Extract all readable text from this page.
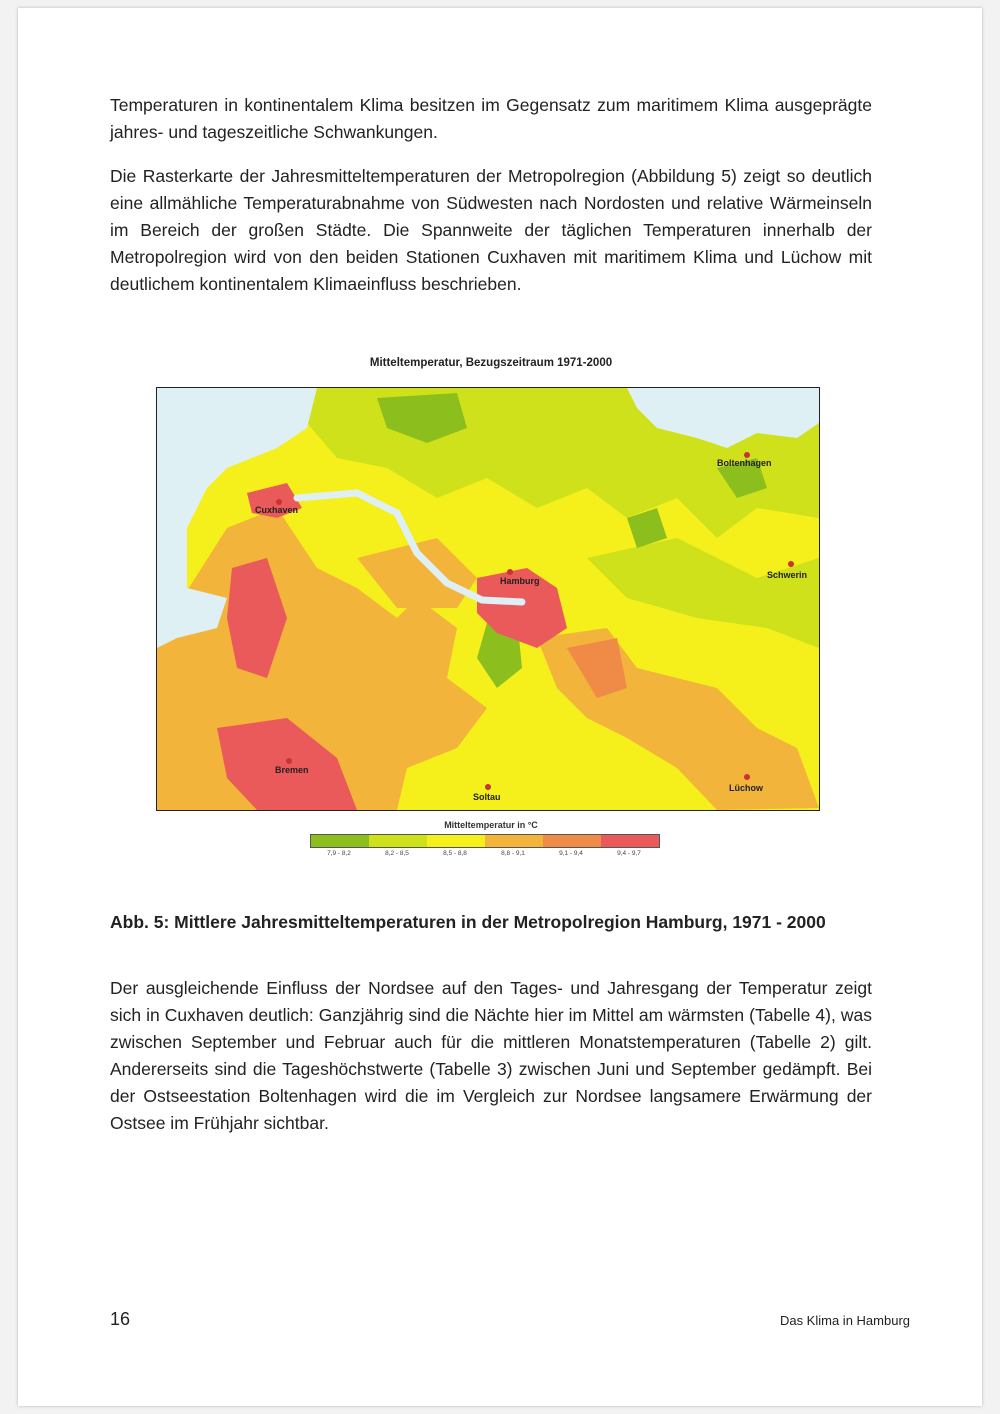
Temperaturen in kontinentalem Klima besitzen im Gegensatz zum maritimem Klima ausgeprägte jahres- und tageszeitliche Schwankungen.

Die Rasterkarte der Jahresmitteltemperaturen der Metropolregion (Abbildung 5) zeigt so deutlich eine allmähliche Temperaturabnahme von Südwesten nach Nordosten und relative Wärmeinseln im Bereich der großen Städte. Die Spannweite der täglichen Temperaturen innerhalb der Metropolregion wird von den beiden Stationen Cuxhaven mit maritimem Klima und Lüchow mit deutlichem kontinentalem Klimaeinfluss beschrieben.

Mitteltemperatur, Bezugszeitraum 1971-2000
Cuxhaven
Boltenhagen
Hamburg
Schwerin
Bremen
Soltau
Lüchow
Mitteltemperatur in °C
7,9 - 8,2	8,2 - 8,5	8,5 - 8,8	8,8 - 9,1	9,1 - 9,4	9,4 - 9,7

Abb. 5: Mittlere Jahresmitteltemperaturen in der Metropolregion Hamburg, 1971 - 2000

Der ausgleichende Einfluss der Nordsee auf den Tages- und Jahresgang der Temperatur zeigt sich in Cuxhaven deutlich: Ganzjährig sind die Nächte hier im Mittel am wärmsten (Tabelle 4), was zwischen September und Februar auch für die mittleren Monatstemperaturen (Tabelle 2) gilt. Andererseits sind die Tageshöchstwerte (Tabelle 3) zwischen Juni und September gedämpft. Bei der Ostseestation Boltenhagen wird die im Vergleich zur Nordsee langsamere Erwärmung der Ostsee im Frühjahr sichtbar.

16	Das Klima in Hamburg
